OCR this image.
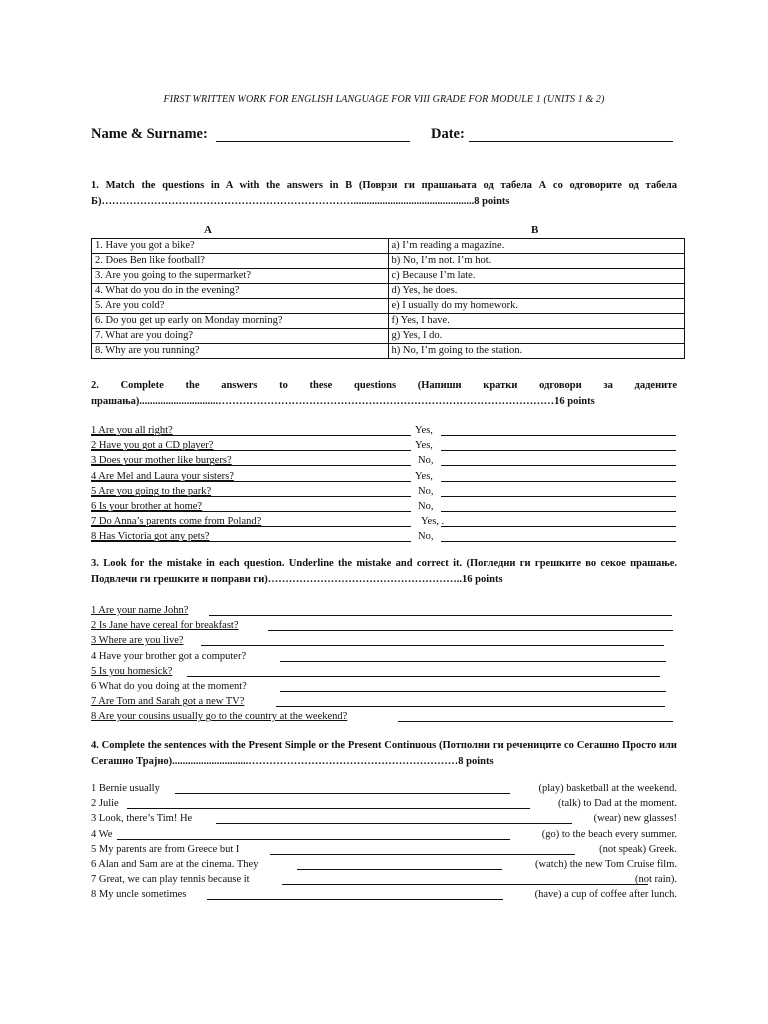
FIRST WRITTEN WORK FOR ENGLISH LANGUAGE FOR VIII GRADE FOR MODULE 1 (UNITS 1 & 2)
Name & Surname:	Date:
1. Match the questions in A with the answers in B (Поврзи ги прашањата од табела А со одговорите од табела Б)………………………………………………………………..............................................8 points
A	B
1. Have you got a bike?	a) I’m reading a magazine.
2. Does Ben like football?	b) No, I’m not. I’m hot.
3. Are you going to the supermarket?	c) Because I’m late.
4. What do you do in the evening?	d) Yes, he does.
5. Are you cold?	e) I usually do my homework.
6. Do you get up early on Monday morning?	f) Yes, I have.
7. What are you doing?	g) Yes, I do.
8. Why are you running?	h) No, I’m going to the station.
2. Complete the answers to these questions (Напиши кратки одговори за дадените прашања)..............................……………………………………………………………………………………16 points
1 Are you all right?	Yes,
2 Have you got a CD player?	Yes,
3 Does your mother like burgers?	No,
4 Are Mel and Laura your sisters?	Yes,
5 Are you going to the park?	No,
6 Is your brother at home?	No,
7 Do Anna’s parents come from Poland?	Yes, .
8 Has Victoria got any pets?	No,
3. Look for the mistake in each question. Underline the mistake and correct it. (Погледни ги грешките во секое прашање. Подвлечи ги грешките и поправи ги)………………………………………………..16 points
1 Are your name John?
2 Is Jane have cereal for breakfast?
3 Where are you live?
4 Have your brother got a computer?
5 Is you homesick?
6 What do you doing at the moment?
7 Are Tom and Sarah got a new TV?
8 Are your cousins usually go to the country at the weekend?
4. Complete the sentences with the Present Simple or the Present Continuous (Потполни ги речениците со Сегашно Просто или Сегашно Трајно).............................……………………………………………………8 points
1 Bernie usually	(play) basketball at the weekend.
2 Julie	(talk) to Dad at the moment.
3 Look, there’s Tim! He	(wear) new glasses!
4 We	(go) to the beach every summer.
5 My parents are from Greece but I	(not speak) Greek.
6 Alan and Sam are at the cinema. They	(watch) the new Tom Cruise film.
7 Great, we can play tennis because it	(not rain).
8 My uncle sometimes	(have) a cup of coffee after lunch.
